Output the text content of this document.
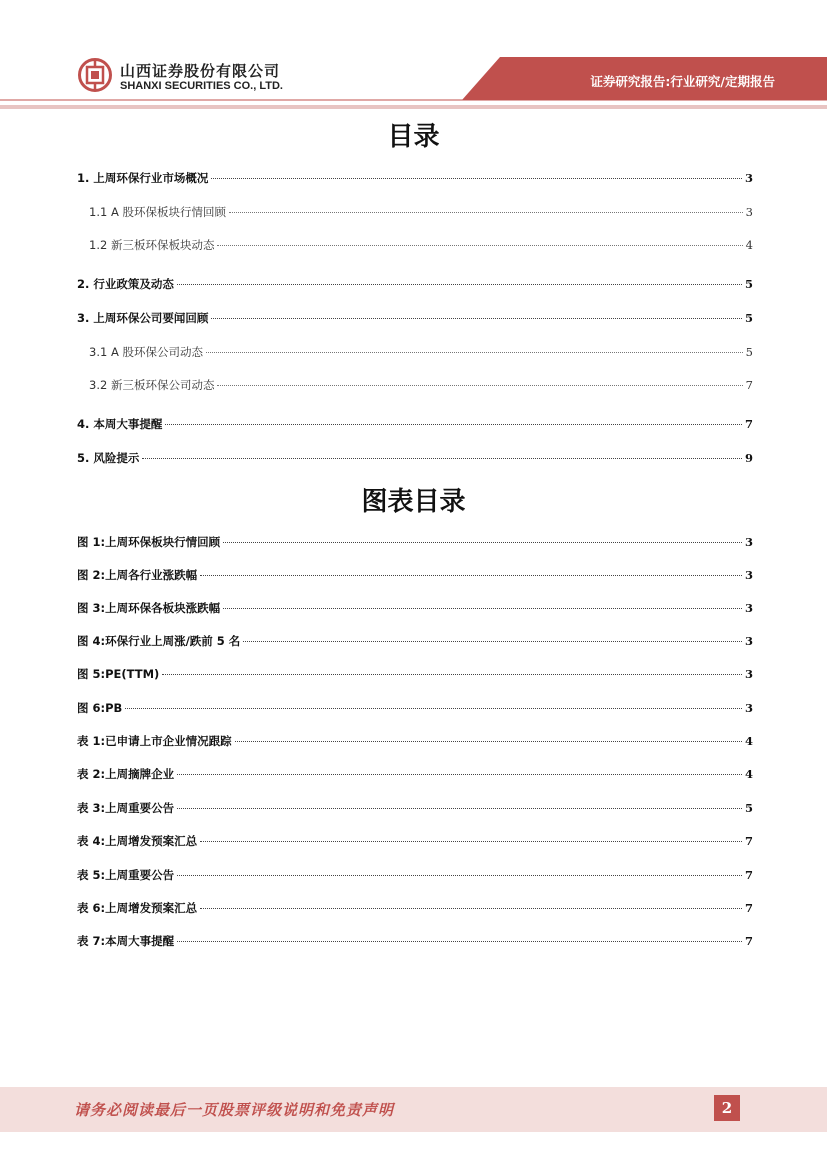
山西证券股份有限公司
SHANXI SECURITIES CO., LTD.	证券研究报告:行业研究/定期报告
目录
1. 上周环保行业市场概况	3
1.1 A 股环保板块行情回顾	3
1.2 新三板环保板块动态	4
2. 行业政策及动态	5
3. 上周环保公司要闻回顾	5
3.1 A 股环保公司动态	5
3.2 新三板环保公司动态	7
4. 本周大事提醒	7
5. 风险提示	9
图表目录
图 1:上周环保板块行情回顾	3
图 2:上周各行业涨跌幅	3
图 3:上周环保各板块涨跌幅	3
图 4:环保行业上周涨/跌前 5 名	3
图 5:PE(TTM)	3
图 6:PB	3
表 1:已申请上市企业情况跟踪	4
表 2:上周摘牌企业	4
表 3:上周重要公告	5
表 4:上周增发预案汇总	7
表 5:上周重要公告	7
表 6:上周增发预案汇总	7
表 7:本周大事提醒	7
请务必阅读最后一页股票评级说明和免责声明	2
